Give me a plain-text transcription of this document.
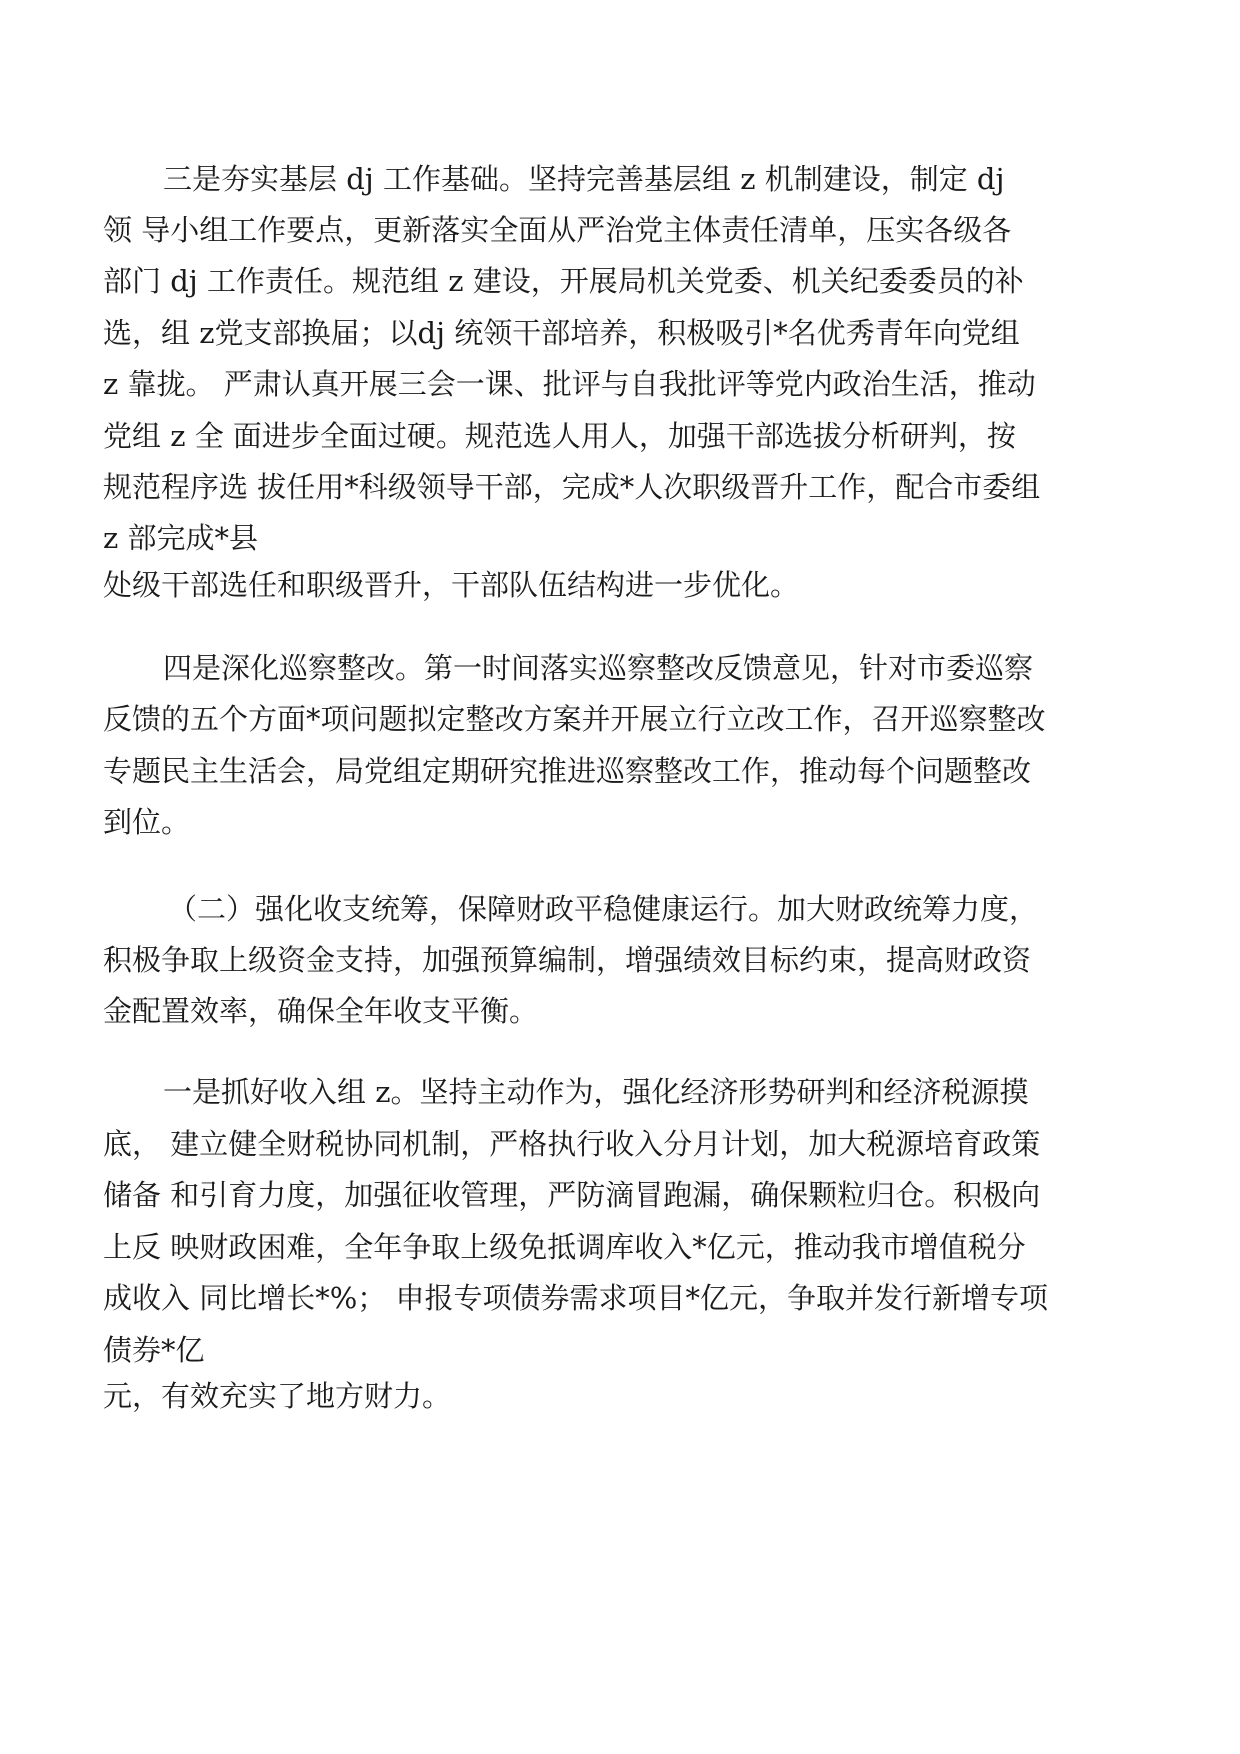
三是夯实基层 dj 工作基础。坚持完善基层组 z 机制建设，制定 dj

领 导小组工作要点，更新落实全面从严治党主体责任清单，压实各级各

部门 dj 工作责任。规范组 z 建设，开展局机关党委、机关纪委委员的补

选，组 z党支部换届；以dj 统领干部培养，积极吸引*名优秀青年向党组

z 靠拢。 严肃认真开展三会一课、批评与自我批评等党内政治生活，推动

党组 z 全 面进步全面过硬。规范选人用人，加强干部选拔分析研判，按

规范程序选 拔任用*科级领导干部，完成*人次职级晋升工作，配合市委组

z 部完成*县

处级干部选任和职级晋升，干部队伍结构进一步优化。

四是深化巡察整改。第一时间落实巡察整改反馈意见，针对市委巡察

反馈的五个方面*项问题拟定整改方案并开展立行立改工作，召开巡察整改

专题民主生活会，局党组定期研究推进巡察整改工作，推动每个问题整改

到位。

（二）强化收支统筹，保障财政平稳健康运行。加大财政统筹力度，

积极争取上级资金支持，加强预算编制，增强绩效目标约束，提高财政资

金配置效率，确保全年收支平衡。

一是抓好收入组 z。坚持主动作为，强化经济形势研判和经济税源摸

底， 建立健全财税协同机制，严格执行收入分月计划，加大税源培育政策

储备 和引育力度，加强征收管理，严防滴冒跑漏，确保颗粒归仓。积极向

上反 映财政困难，全年争取上级免抵调库收入*亿元，推动我市增值税分

成收入 同比增长*%； 申报专项债券需求项目*亿元，争取并发行新增专项

债券*亿

元，有效充实了地方财力。
